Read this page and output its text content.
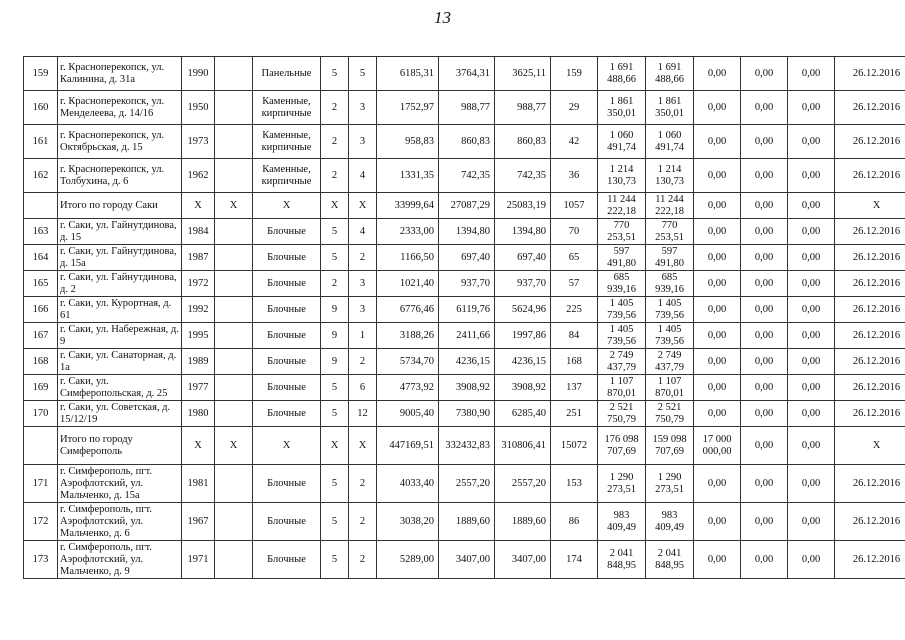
13
159	г. Красноперекопск, ул. Калинина, д. 31а	1990		Панельные	5	5	6185,31	3764,31	3625,11	159	1 691 488,66	1 691 488,66	0,00	0,00	0,00	26.12.2016
160	г. Красноперекопск, ул. Менделеева, д. 14/16	1950		Каменные, кирпичные	2	3	1752,97	988,77	988,77	29	1 861 350,01	1 861 350,01	0,00	0,00	0,00	26.12.2016
161	г. Красноперекопск, ул. Октябрьская, д. 15	1973		Каменные, кирпичные	2	3	958,83	860,83	860,83	42	1 060 491,74	1 060 491,74	0,00	0,00	0,00	26.12.2016
162	г. Красноперекопск, ул. Толбухина, д. 6	1962		Каменные, кирпичные	2	4	1331,35	742,35	742,35	36	1 214 130,73	1 214 130,73	0,00	0,00	0,00	26.12.2016
	Итого по городу Саки	X	X	X	X	X	33999,64	27087,29	25083,19	1057	11 244 222,18	11 244 222,18	0,00	0,00	0,00	X
163	г. Саки, ул. Гайнутдинова, д. 15	1984		Блочные	5	4	2333,00	1394,80	1394,80	70	770 253,51	770 253,51	0,00	0,00	0,00	26.12.2016
164	г. Саки, ул. Гайнутдинова, д. 15а	1987		Блочные	5	2	1166,50	697,40	697,40	65	597 491,80	597 491,80	0,00	0,00	0,00	26.12.2016
165	г. Саки, ул. Гайнутдинова, д. 2	1972		Блочные	2	3	1021,40	937,70	937,70	57	685 939,16	685 939,16	0,00	0,00	0,00	26.12.2016
166	г. Саки, ул. Курортная, д. 61	1992		Блочные	9	3	6776,46	6119,76	5624,96	225	1 405 739,56	1 405 739,56	0,00	0,00	0,00	26.12.2016
167	г. Саки, ул. Набережная, д. 9	1995		Блочные	9	1	3188,26	2411,66	1997,86	84	1 405 739,56	1 405 739,56	0,00	0,00	0,00	26.12.2016
168	г. Саки, ул. Санаторная, д. 1а	1989		Блочные	9	2	5734,70	4236,15	4236,15	168	2 749 437,79	2 749 437,79	0,00	0,00	0,00	26.12.2016
169	г. Саки, ул. Симферопольская, д. 25	1977		Блочные	5	6	4773,92	3908,92	3908,92	137	1 107 870,01	1 107 870,01	0,00	0,00	0,00	26.12.2016
170	г. Саки, ул. Советская, д. 15/12/19	1980		Блочные	5	12	9005,40	7380,90	6285,40	251	2 521 750,79	2 521 750,79	0,00	0,00	0,00	26.12.2016
	Итого по городу Симферополь	X	X	X	X	X	447169,51	332432,83	310806,41	15072	176 098 707,69	159 098 707,69	17 000 000,00	0,00	0,00	X
171	г. Симферополь, пгт. Аэрофлотский, ул. Мальченко, д. 15а	1981		Блочные	5	2	4033,40	2557,20	2557,20	153	1 290 273,51	1 290 273,51	0,00	0,00	0,00	26.12.2016
172	г. Симферополь, пгт. Аэрофлотский, ул. Мальченко, д. 6	1967		Блочные	5	2	3038,20	1889,60	1889,60	86	983 409,49	983 409,49	0,00	0,00	0,00	26.12.2016
173	г. Симферополь, пгт. Аэрофлотский, ул. Мальченко, д. 9	1971		Блочные	5	2	5289,00	3407,00	3407,00	174	2 041 848,95	2 041 848,95	0,00	0,00	0,00	26.12.2016
